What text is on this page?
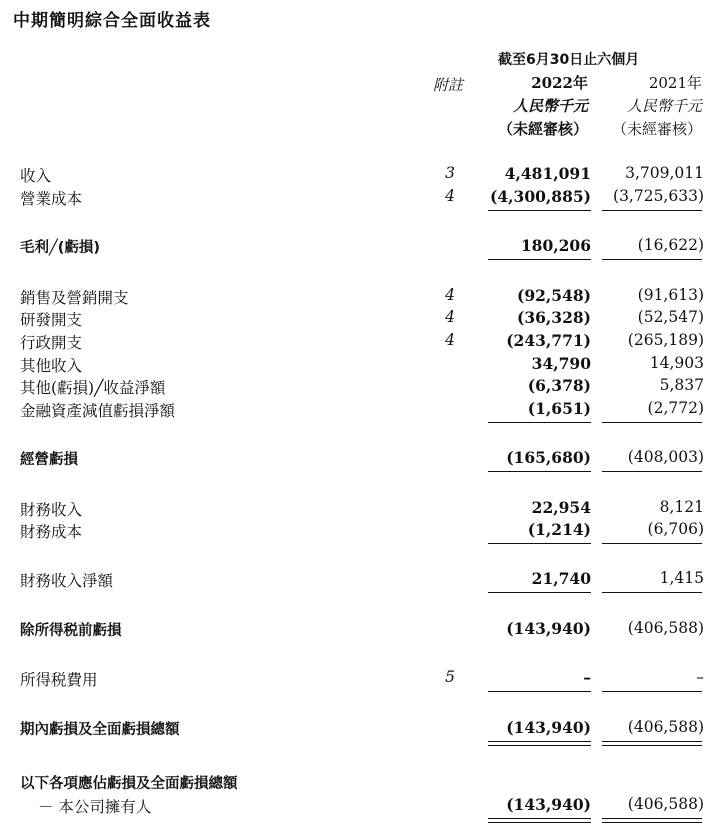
中期簡明綜合全面收益表
截至6月30日止六個月
附註	2022年
人民幣千元
（未經審核）
2021年
人民幣千元
（未經審核）
收入	3	4,481,091 3,709,011
營業成本	4	(4,300,885) (3,725,633)
毛利╱(虧損)	180,206	(16,622)
銷售及營銷開支	4	(92,548)	(91,613)
研發開支	4	(36,328)	(52,547)
行政開支	4	(243,771) (265,189)
其他收入	34,790	14,903
其他(虧損)╱收益淨額	(6,378)	5,837
金融資產減值虧損淨額	(1,651)	(2,772)
經營虧損	(165,680) (408,003)
財務收入	22,954	8,121
財務成本	(1,214)	(6,706)
財務收入淨額	21,740	1,415
除所得税前虧損	(143,940) (406,588)
所得税費用	5	–	–
期內虧損及全面虧損總額	(143,940) (406,588)
以下各項應佔虧損及全面虧損總額
－ 本公司擁有人	(143,940) (406,588)
